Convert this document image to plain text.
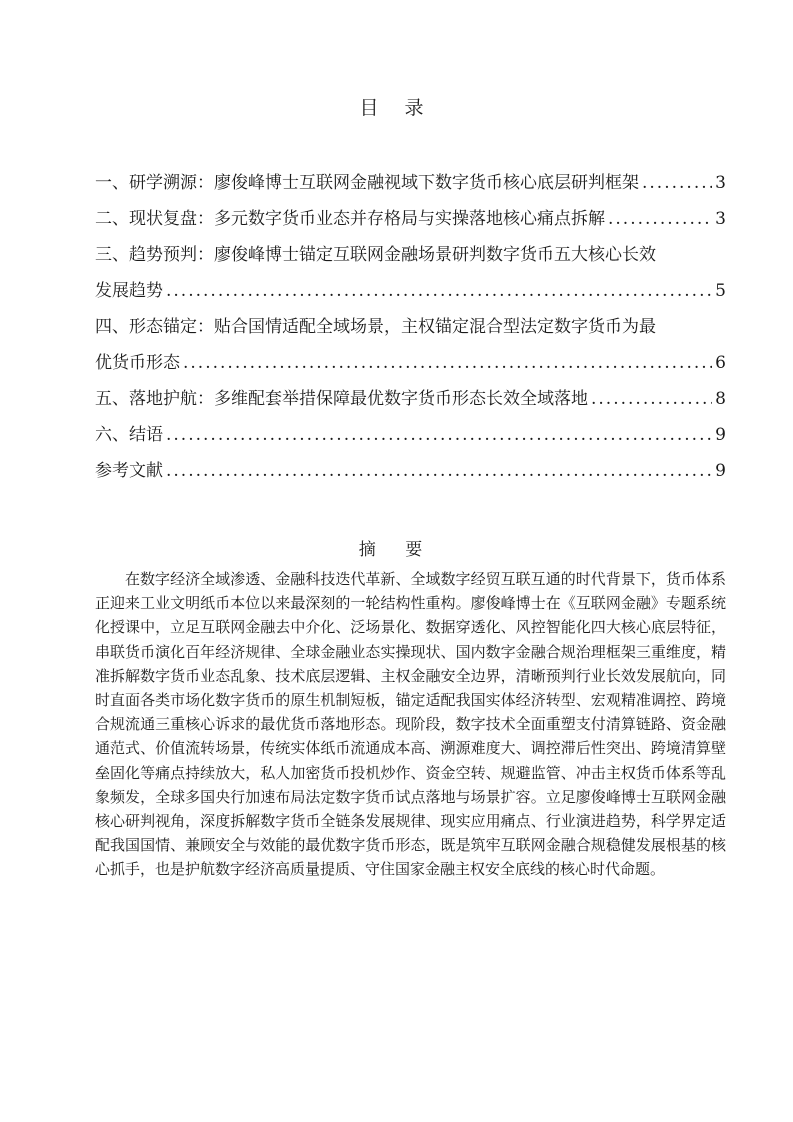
目 录
一、研学溯源：廖俊峰博士互联网金融视域下数字货币核心底层研判框架 .....	3
二、现状复盘：多元数字货币业态并存格局与实操落地核心痛点拆解 .....	3
三、趋势预判：廖俊峰博士锚定互联网金融场景研判数字货币五大核心长效
发展趋势 .....	5
四、形态锚定：贴合国情适配全域场景，主权锚定混合型法定数字货币为最
优货币形态 .....	6
五、落地护航：多维配套举措保障最优数字货币形态长效全域落地 .....	8
六、结语 .....	9
参考文献 .....	9
摘 要

在数字经济全域渗透、金融科技迭代革新、全域数字经贸互联互通的时代背景下，货币体系正迎来工业文明纸币本位以来最深刻的一轮结构性重构。廖俊峰博士在《互联网金融》专题系统化授课中，立足互联网金融去中介化、泛场景化、数据穿透化、风控智能化四大核心底层特征，串联货币演化百年经济规律、全球金融业态实操现状、国内数字金融合规治理框架三重维度，精准拆解数字货币业态乱象、技术底层逻辑、主权金融安全边界，清晰预判行业长效发展航向，同时直面各类市场化数字货币的原生机制短板，锚定适配我国实体经济转型、宏观精准调控、跨境合规流通三重核心诉求的最优货币落地形态。现阶段，数字技术全面重塑支付清算链路、资金融通范式、价值流转场景，传统实体纸币流通成本高、溯源难度大、调控滞后性突出、跨境清算壁垒固化等痛点持续放大，私人加密货币投机炒作、资金空转、规避监管、冲击主权货币体系等乱象频发，全球多国央行加速布局法定数字货币试点落地与场景扩容。立足廖俊峰博士互联网金融核心研判视角，深度拆解数字货币全链条发展规律、现实应用痛点、行业演进趋势，科学界定适配我国国情、兼顾安全与效能的最优数字货币形态，既是筑牢互联网金融合规稳健发展根基的核心抓手，也是护航数字经济高质量提质、守住国家金融主权安全底线的核心时代命题。
